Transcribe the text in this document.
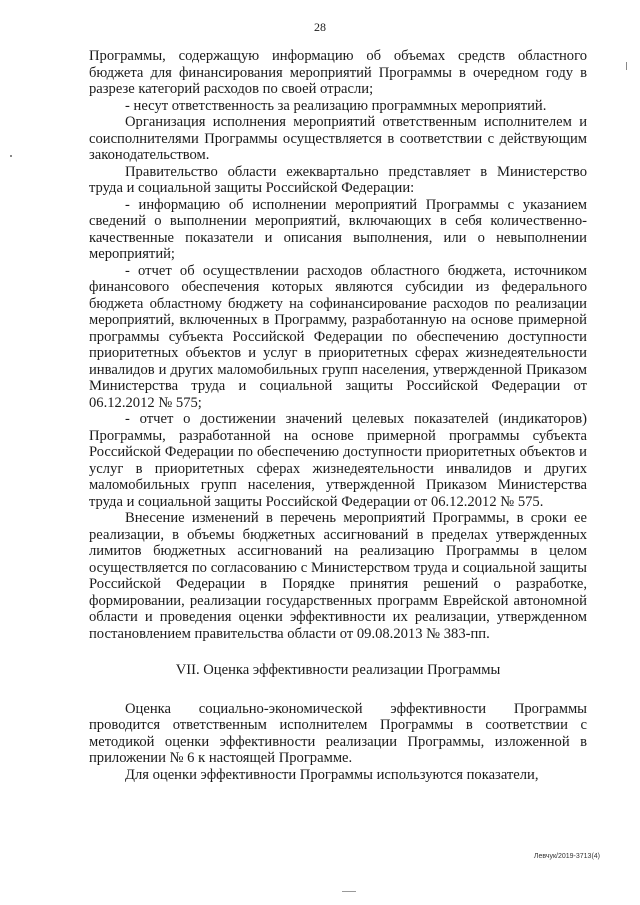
28

Программы, содержащую информацию об объемах средств областного бюджета для финансирования мероприятий Программы в очередном году в разрезе категорий расходов по своей отрасли;

- несут ответственность за реализацию программных мероприятий.

Организация исполнения мероприятий ответственным исполнителем и соисполнителями Программы осуществляется в соответствии с действующим законодательством.

Правительство области ежеквартально представляет в Министерство труда и социальной защиты Российской Федерации:

- информацию об исполнении мероприятий Программы с указанием сведений о выполнении мероприятий, включающих в себя количественно-качественные показатели и описания выполнения, или о невыполнении мероприятий;

- отчет об осуществлении расходов областного бюджета, источником финансового обеспечения которых являются субсидии из федерального бюджета областному бюджету на софинансирование расходов по реализации мероприятий, включенных в Программу, разработанную на основе примерной программы субъекта Российской Федерации по обеспечению доступности приоритетных объектов и услуг в приоритетных сферах жизнедеятельности инвалидов и других маломобильных групп населения, утвержденной Приказом Министерства труда и социальной защиты Российской Федерации от 06.12.2012 № 575;

- отчет о достижении значений целевых показателей (индикаторов) Программы, разработанной на основе примерной программы субъекта Российской Федерации по обеспечению доступности приоритетных объектов и услуг в приоритетных сферах жизнедеятельности инвалидов и других маломобильных групп населения, утвержденной Приказом Министерства труда и социальной защиты Российской Федерации от 06.12.2012 № 575.

Внесение изменений в перечень мероприятий Программы, в сроки ее реализации, в объемы бюджетных ассигнований в пределах утвержденных лимитов бюджетных ассигнований на реализацию Программы в целом осуществляется по согласованию с Министерством труда и социальной защиты Российской Федерации в Порядке принятия решений о разработке, формировании, реализации государственных программ Еврейской автономной области и проведения оценки эффективности их реализации, утвержденном постановлением правительства области от 09.08.2013 № 383-пп.

VII. Оценка эффективности реализации Программы

Оценка социально-экономической эффективности Программы проводится ответственным исполнителем Программы в соответствии с методикой оценки эффективности реализации Программы, изложенной в приложении № 6 к настоящей Программе.

Для оценки эффективности Программы используются показатели,

Левчук/2019-3713(4)
